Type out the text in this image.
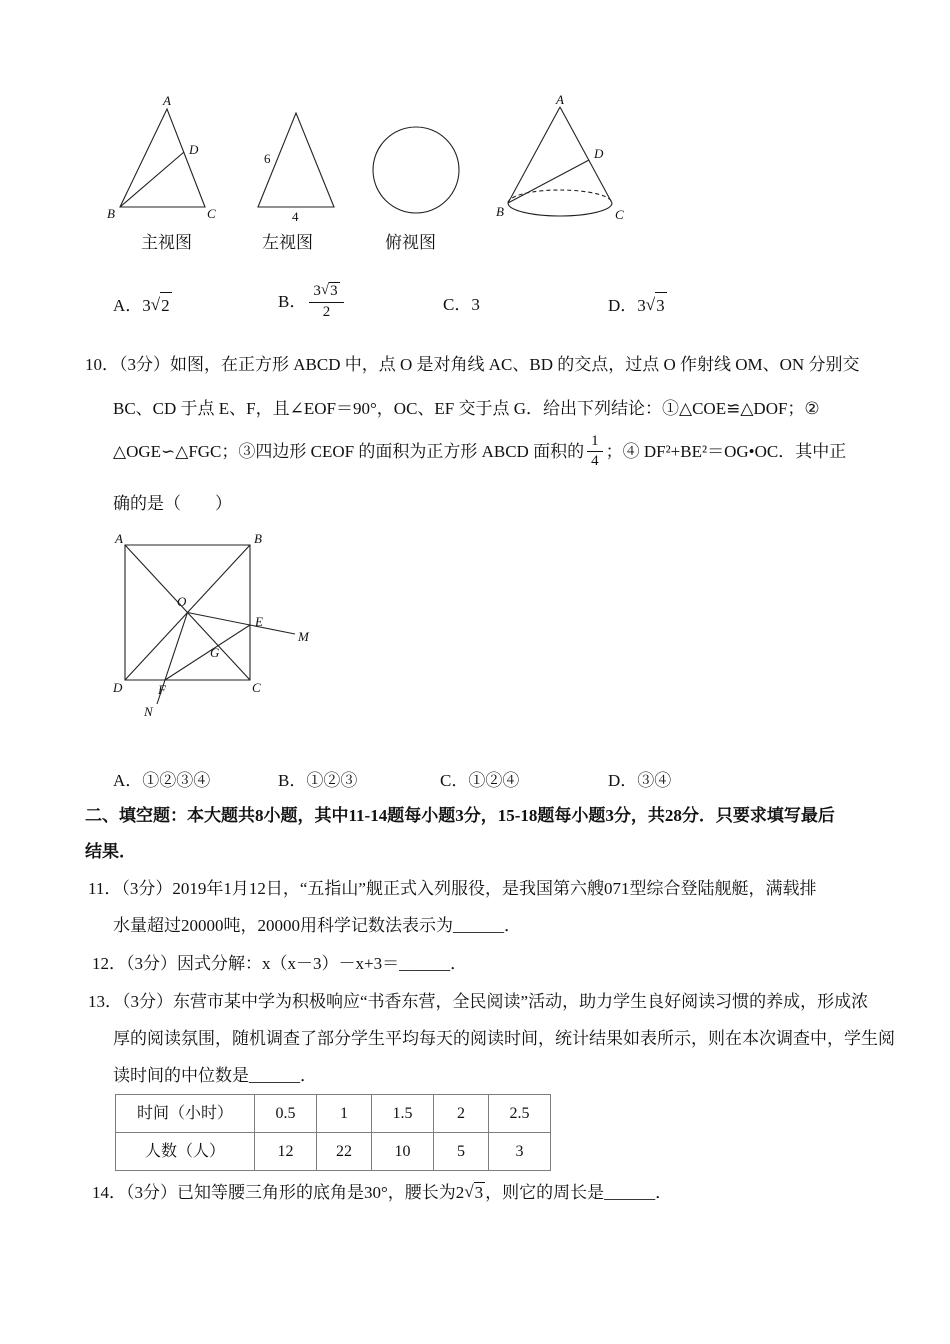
A
B	C
D
主视图
6
4
左视图	俯视图
A
B	C
D
A．3√2	B． $\frac{3√3}{2}$	C．3	D．3√3
10．（3分）如图，在正方形 ABCD 中，点 O 是对角线 AC、BD 的交点，过点 O 作射线 OM、ON 分别交
BC、CD 于点 E、F，且∠EOF＝90°，OC、EF 交于点 G．给出下列结论：①△COE≌△DOF；②
△OGE∽△FGC；③四边形 CEOF 的面积为正方形 ABCD 面积的 $\frac{1}{4}$ ；④ DF²+BE²＝OG•OC．其中正
确的是（　　）
A	B
D	C
O
E
M
G
F
N
A．①②③④	B．①②③	C．①②④	D．③④
二、填空题：本大题共8小题，其中11-14题每小题3分，15-18题每小题3分，共28分．只要求填写最后
结果．
11．（3分）2019年1月12日，“五指山”舰正式入列服役，是我国第六艘071型综合登陆舰艇，满载排
水量超过20000吨，20000用科学记数法表示为______．
12．（3分）因式分解：x（x－3）－x+3＝______．
13．（3分）东营市某中学为积极响应“书香东营，全民阅读”活动，助力学生良好阅读习惯的养成，形成浓
厚的阅读氛围，随机调查了部分学生平均每天的阅读时间，统计结果如表所示，则在本次调查中，学生阅
读时间的中位数是______．
时间（小时）	0.5	1	1.5	2	2.5
人数（人）	12	22	10	5	3
14．（3分）已知等腰三角形的底角是30°，腰长为2√3 ，则它的周长是______．
